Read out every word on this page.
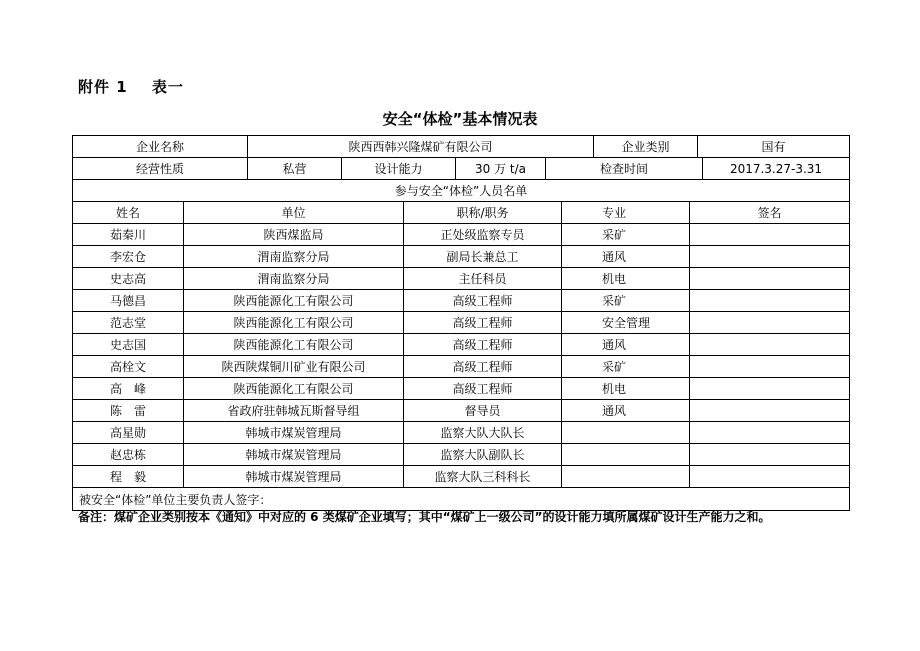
附件 1 表一
安全“体检”基本情况表
企业名称	陕西西韩兴隆煤矿有限公司	企业类别	国有
经营性质	私营	设计能力	30 万 t/a	检查时间	2017.3.27-3.31
参与安全“体检”人员名单
姓名	单位	职称/职务	专业	签名
茹秦川	陕西煤监局	正处级监察专员	采矿
李宏仓	渭南监察分局	副局长兼总工	通风
史志高	渭南监察分局	主任科员	机电
马德昌	陕西能源化工有限公司	高级工程师	采矿
范志堂	陕西能源化工有限公司	高级工程师	安全管理
史志国	陕西能源化工有限公司	高级工程师	通风
高栓文	陕西陕煤铜川矿业有限公司	高级工程师	采矿
高　峰	陕西能源化工有限公司	高级工程师	机电
陈　雷	省政府驻韩城瓦斯督导组	督导员	通风
高星勋	韩城市煤炭管理局	监察大队大队长
赵忠栋	韩城市煤炭管理局	监察大队副队长
程　毅	韩城市煤炭管理局	监察大队三科科长
被安全“体检”单位主要负责人签字：
备注：煤矿企业类别按本《通知》中对应的 6 类煤矿企业填写；其中“煤矿上一级公司”的设计能力填所属煤矿设计生产能力之和。
